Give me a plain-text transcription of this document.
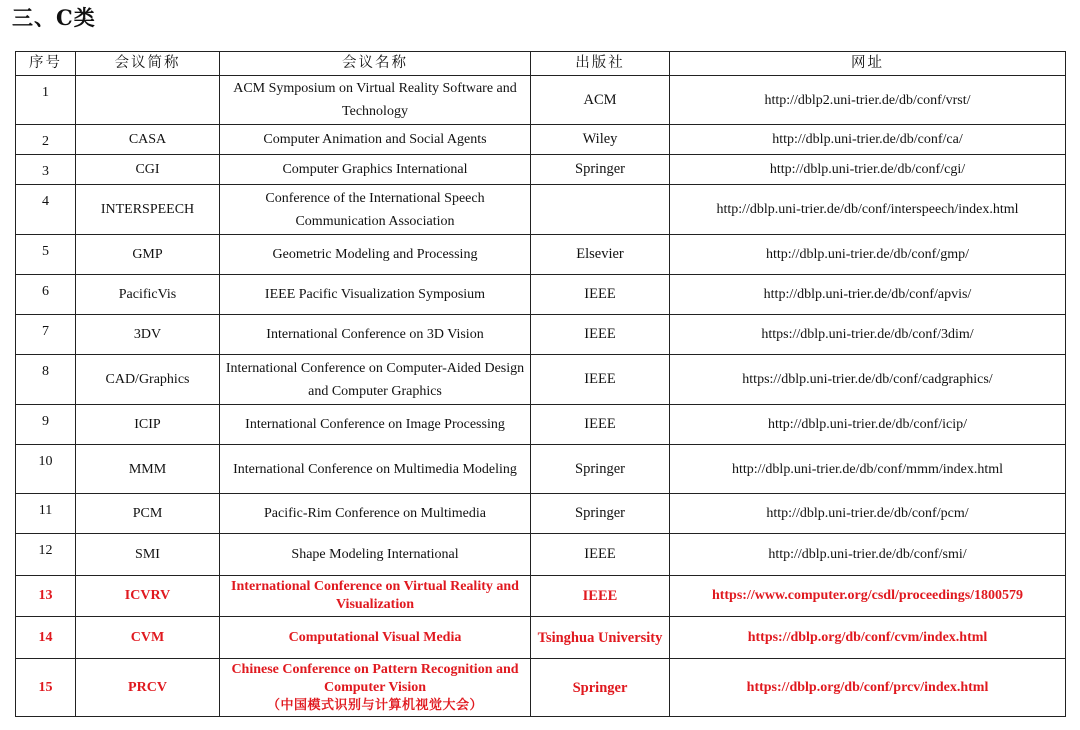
三、C类
序号	会议简称	会议名称	出版社	网址
1		ACM Symposium on Virtual Reality Software and Technology	ACM	http://dblp2.uni-trier.de/db/conf/vrst/
2	CASA	Computer Animation and Social Agents	Wiley	http://dblp.uni-trier.de/db/conf/ca/
3	CGI	Computer Graphics International	Springer	http://dblp.uni-trier.de/db/conf/cgi/
4	INTERSPEECH	Conference of the International Speech Communication Association		http://dblp.uni-trier.de/db/conf/interspeech/index.html
5	GMP	Geometric Modeling and Processing	Elsevier	http://dblp.uni-trier.de/db/conf/gmp/
6	PacificVis	IEEE Pacific Visualization Symposium	IEEE	http://dblp.uni-trier.de/db/conf/apvis/
7	3DV	International Conference on 3D Vision	IEEE	https://dblp.uni-trier.de/db/conf/3dim/
8	CAD/Graphics	International Conference on Computer-Aided Design and Computer Graphics	IEEE	https://dblp.uni-trier.de/db/conf/cadgraphics/
9	ICIP	International Conference on Image Processing	IEEE	http://dblp.uni-trier.de/db/conf/icip/
10	MMM	International Conference on Multimedia Modeling	Springer	http://dblp.uni-trier.de/db/conf/mmm/index.html
11	PCM	Pacific-Rim Conference on Multimedia	Springer	http://dblp.uni-trier.de/db/conf/pcm/
12	SMI	Shape Modeling International	IEEE	http://dblp.uni-trier.de/db/conf/smi/
13	ICVRV	International Conference on Virtual Reality and Visualization	IEEE	https://www.computer.org/csdl/proceedings/1800579
14	CVM	Computational Visual Media	Tsinghua University	https://dblp.org/db/conf/cvm/index.html
15	PRCV	Chinese Conference on Pattern Recognition and Computer Vision
（中国模式识别与计算机视觉大会）	Springer	https://dblp.org/db/conf/prcv/index.html
